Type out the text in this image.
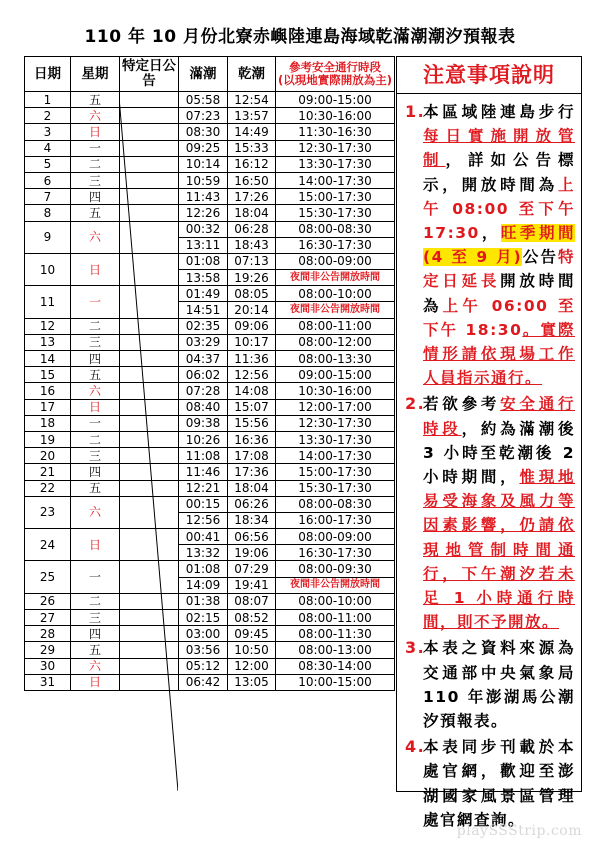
110 年 10 月份北寮赤嶼陸連島海域乾滿潮潮汐預報表
日期	星期	特定日公告	滿潮	乾潮	參考安全通行時段
(以現地實際開放為主)

1	五		05:58	12:54	09:00-15:00
2	六		07:23	13:57	10:30-16:00
3	日		08:30	14:49	11:30-16:30
4	一		09:25	15:33	12:30-17:30
5	二		10:14	16:12	13:30-17:30
6	三		10:59	16:50	14:00-17:30
7	四		11:43	17:26	15:00-17:30
8	五		12:26	18:04	15:30-17:30
9	六		00:32	06:28	08:00-08:30
			13:11	18:43	16:30-17:30
10	日		01:08	07:13	08:00-09:00
			13:58	19:26	夜間非公告開放時間
11	一		01:49	08:05	08:00-10:00
			14:51	20:14	夜間非公告開放時間
12	二		02:35	09:06	08:00-11:00
13	三		03:29	10:17	08:00-12:00
14	四		04:37	11:36	08:00-13:30
15	五		06:02	12:56	09:00-15:00
16	六		07:28	14:08	10:30-16:00
17	日		08:40	15:07	12:00-17:00
18	一		09:38	15:56	12:30-17:30
19	二		10:26	16:36	13:30-17:30
20	三		11:08	17:08	14:00-17:30
21	四		11:46	17:36	15:00-17:30
22	五		12:21	18:04	15:30-17:30
23	六		00:15	06:26	08:00-08:30
			12:56	18:34	16:00-17:30
24	日		00:41	06:56	08:00-09:00
			13:32	19:06	16:30-17:30
25	一		01:08	07:29	08:00-09:30
			14:09	19:41	夜間非公告開放時間
26	二		01:38	08:07	08:00-10:00
27	三		02:15	08:52	08:00-11:00
28	四		03:00	09:45	08:00-11:30
29	五		03:56	10:50	08:00-13:00
30	六		05:12	12:00	08:30-14:00
31	日		06:42	13:05	10:00-15:00
注意事項說明
1.
本區域陸連島步行每日實施開放管制，詳如公告標示，開放時間為上午 08:00 至下午 17:30，旺季期間(4 至 9 月)公告特定日延長開放時間為上午 06:00 至下午 18:30。實際情形請依現場工作人員指示通行。
2.
若欲參考安全通行時段，約為滿潮後 3 小時至乾潮後 2 小時期間，惟現地易受海象及風力等因素影響，仍請依現地管制時間通行，下午潮汐若未足 1 小時通行時間，則不予開放。
3.
本表之資料來源為交通部中央氣象局 110 年澎湖馬公潮汐預報表。
4.
本表同步刊載於本處官網，歡迎至澎湖國家風景區管理處官網查詢。
playSSStrip.com
